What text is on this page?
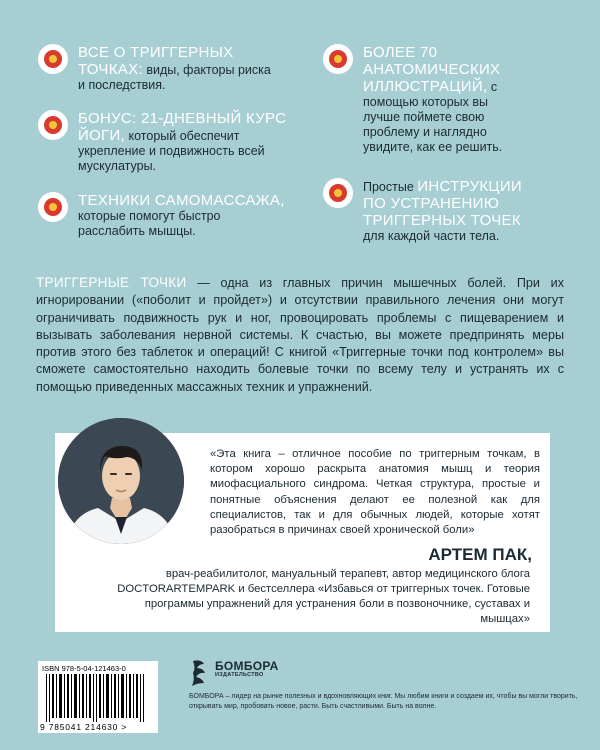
ВСЕ О ТРИГГЕРНЫХ ТОЧКАХ: виды, факторы риска и последствия.
БОНУС: 21-ДНЕВНЫЙ КУРС ЙОГИ, который обеспечит укрепление и подвижность всей мускулатуры.
ТЕХНИКИ САМОМАССАЖА, которые помогут быстро расслабить мышцы.
БОЛЕЕ 70 АНАТОМИЧЕСКИХ ИЛЛЮСТРАЦИЙ, с помощью которых вы лучше поймете свою проблему и наглядно увидите, как ее решить.
Простые ИНСТРУКЦИИ ПО УСТРАНЕНИЮ ТРИГГЕРНЫХ ТОЧЕК для каждой части тела.
ТРИГГЕРНЫЕ ТОЧКИ — одна из главных причин мышечных болей. При их игнорировании («поболит и пройдет») и отсутствии правильного лечения они могут ограничивать подвижность рук и ног, провоцировать проблемы с пищеварением и вызывать заболевания нервной системы. К счастью, вы можете предпринять меры против этого без таблеток и операций! С книгой «Триггерные точки под контролем» вы сможете самостоятельно находить болевые точки по всему телу и устранять их с помощью приведенных массажных техник и упражнений.
«Эта книга – отличное пособие по триггерным точкам, в котором хорошо раскрыта анатомия мышц и теория миофасциального синдрома. Четкая структура, простые и понятные объяснения делают ее полезной как для специалистов, так и для обычных людей, которые хотят разобраться в причинах своей хронической боли»
АРТЕМ ПАК,
врач-реабилитолог, мануальный терапевт, автор медицинского блога DOCTORARTEMPARK и бестселлера «Избавься от триггерных точек. Готовые программы упражнений для устранения боли в позвоночнике, суставах и мышцах»
ISBN 978-5-04-121463-0
9 785041 214630 >
БОМБОРА
ИЗДАТЕЛЬСТВО
БОМБОРА – лидер на рынке полезных и вдохновляющих книг. Мы любим книги и создаем их, чтобы вы могли творить, открывать мир, пробовать новое, расти. Быть счастливыми. Быть на волне.
